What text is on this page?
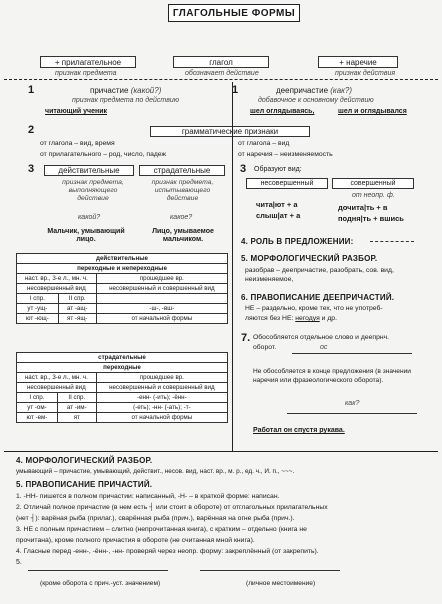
ГЛАГОЛЬНЫЕ ФОРМЫ
+ прилагательное	глагол	+ наречие
признак предмета	обозначает действие	признак действия
1	причастие (какой?)
признак предмета по действию
читающий ученик
1	деепричастие (как?)
добавочное к основному действию
шел оглядываясь,	шел и оглядывался
2	грамматические признаки
от глагола – вид, время
от прилагательного – род, число, падеж
от глагола – вид
от наречия – неизменяемость
3	действительные	страдательные
признак предмета, выполняющего действие
признак предмета, испытывающего действие
какой?	какое?
Мальчик, умывающий лицо.
Лицо, умываемое мальчиком.
действительные		
переходные и непереходные		
наст. вр., 3-е л., мн. ч.		прошедшее вр.
несовершенный вид		несовершенный и совершенный вид
I спр.	II спр.	
ут -ущ-	ат -ащ-	-ш-, -вш-
ют -ющ-	ят -ящ-	от начальной формы
страдательные		
переходные		
наст. вр., 3-е л., мн. ч.		прошедшее вр.
несовершенный вид		несовершенный и совершенный вид
I спр.	II спр.	-енн- (-ить); -ённ-
ут -ом-	ат -им-	(-еть); -нн- (-ать); -т-
ют -ем-	ят	от начальной формы
3 Образуют вид:
несовершенный	совершенный
от неопр. ф.
чита|ют + а
слыш|ат + а
дочита|ть + в
подня|ть + вшись
4. РОЛЬ В ПРЕДЛОЖЕНИИ:
5. МОРФОЛОГИЧЕСКИЙ РАЗБОР.
разобрав – деепричастие, разобрать, сов. вид, неизменяемое,
6. ПРАВОПИСАНИЕ ДЕЕПРИЧАСТИЙ.
НЕ – раздельно, кроме тех, что не употреб-
ляются без НЕ: негодуя и др.
7. Обособляется отдельное слово и деепрнч.
оборот.	ос
Не обособляется в конце предложения (в значении наречия или фразеологического оборота).
как?
Работал он спустя рукава.
4. МОРФОЛОГИЧЕСКИЙ РАЗБОР.
умывающий – причастие, умывающий, действит., несов. вид, наст. вр., м. р., ед. ч., И. п., ~~~.
5. ПРАВОПИСАНИЕ ПРИЧАСТИЙ.
1. -НН- пишется в полном причастии: написанный, -Н- – в краткой форме: написан.
2. Отличай полное причастие (в нем есть ┤ или стоит в обороте) от отглагольных прилагательных
(нет ┤): варёная рыба (прилаг.), сварённая рыба (прич.), варённая на огне рыба (прич.).
3. НЕ с полным причастием – слитно (непрочитанная книга), с кратким – отдельно (книга не
прочитана), кроме полного причастия в обороте (не считанная мной книга).
4. Гласные перед -енн-, -ённ-, -нн- проверяй через неопр. форму: закреплённый (от закрепить).
5.
(кроме оборота с прич.-уст. значением)	(личное местоимение)
